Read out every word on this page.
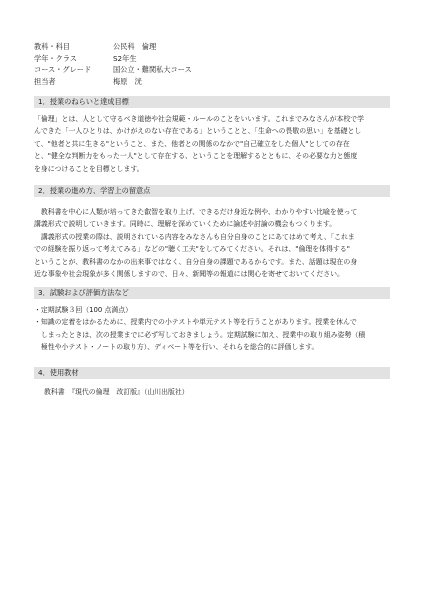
教科・科目	公民科　倫理
学年・クラス	S2年生
コース・グレード	国公立・難関私大コース
担当者	梅原　洸
1．授業のねらいと達成目標
「倫理」とは、人として守るべき道徳や社会規範・ルールのことをいいます。これまでみなさんが本校で学
んできた「一人ひとりは、かけがえのない存在である」ということと、「生命への畏敬の思い」を基礎とし
て、"他者と共に生きる"ということ、また、他者との関係のなかで"自己確立をした個人"としての存在
と、"健全な判断力をもった一人"として存在する、ということを理解するとともに、その必要な力と態度
を身につけることを目標とします。
2．授業の進め方、学習上の留意点
　教科書を中心に人類が培ってきた叡智を取り上げ、できるだけ身近な例や、わかりやすい比喩を使って
講義形式で説明していきます。同時に、理解を深めていくために論述や討論の機会もつくります。
　講義形式の授業の際は、説明されている内容をみなさんも自分自身のことにあてはめて考え、「これま
での経験を振り返って考えてみる」などの"聴く工夫"をしてみてください。それは、"倫理を体得する"
ということが、教科書のなかの出来事ではなく、自分自身の課題であるからです。また、話題は現在の身
近な事象や社会現象が多く関係しますので、日々、新聞等の報道には関心を寄せておいてください。
3．試験および評価方法など
・定期試験３回（100 点満点）
・知識の定着をはかるために、授業内での小テストや単元テスト等を行うことがあります。授業を休んで
　しまったときは、次の授業までに必ず写しておきましょう。定期試験に加え、授業中の取り組み姿勢（積
　極性や小テスト・ノートの取り方）、ディベート等を行い、それらを総合的に評価します。
4．使用教材
教科書　『現代の倫理　改訂版』（山川出版社）
